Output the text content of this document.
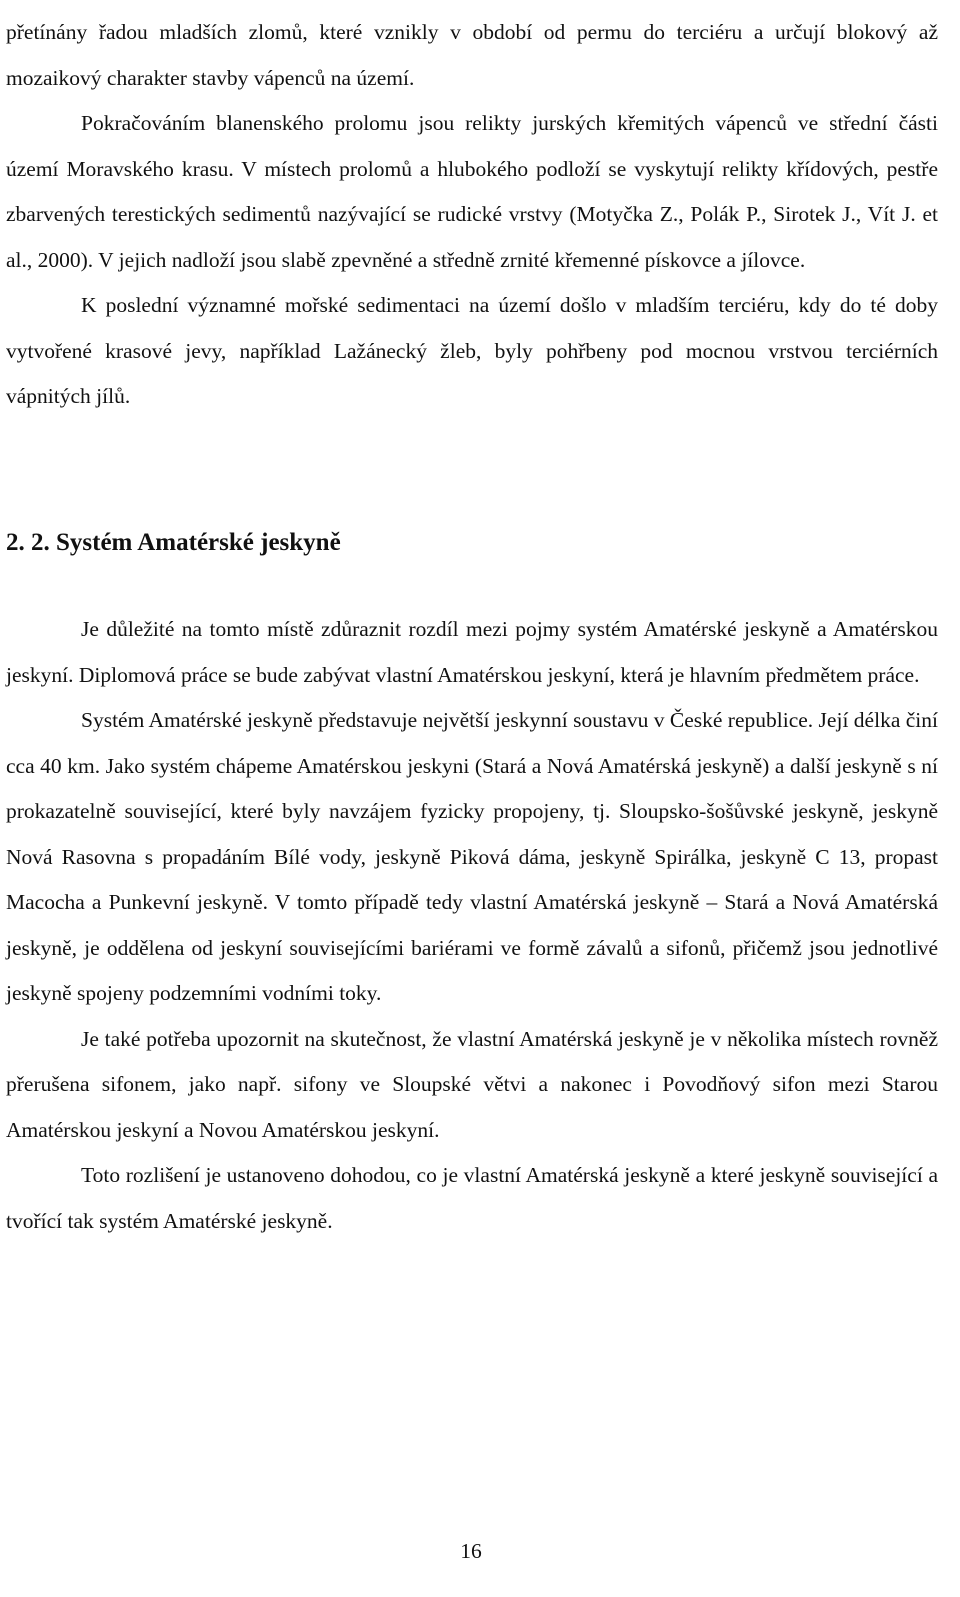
přetínány řadou mladších zlomů, které vznikly v období od permu do terciéru a určují blokový až mozaikový charakter stavby vápenců na území.

Pokračováním blanenského prolomu jsou relikty jurských křemitých vápenců ve střední části území Moravského krasu. V místech prolomů a hlubokého podloží se vyskytují relikty křídových, pestře zbarvených terestických sedimentů nazývající se rudické vrstvy (Motyčka Z., Polák P., Sirotek J., Vít J. et al., 2000). V jejich nadloží jsou slabě zpevněné a středně zrnité křemenné pískovce a jílovce.

K poslední významné mořské sedimentaci na území došlo v mladším terciéru, kdy do té doby vytvořené krasové jevy, například Lažánecký žleb, byly pohřbeny pod mocnou vrstvou terciérních vápnitých jílů.

2. 2. Systém Amatérské jeskyně

Je důležité na tomto místě zdůraznit rozdíl mezi pojmy systém Amatérské jeskyně a Amatérskou jeskyní. Diplomová práce se bude zabývat vlastní Amatérskou jeskyní, která je hlavním předmětem práce.

Systém Amatérské jeskyně představuje největší jeskynní soustavu v České republice. Její délka činí cca 40 km. Jako systém chápeme Amatérskou jeskyni (Stará a Nová Amatérská jeskyně) a další jeskyně s ní prokazatelně související, které byly navzájem fyzicky propojeny, tj. Sloupsko-šošůvské jeskyně, jeskyně Nová Rasovna s propadáním Bílé vody, jeskyně Piková dáma, jeskyně Spirálka, jeskyně C 13, propast Macocha a Punkevní jeskyně. V tomto případě tedy vlastní Amatérská jeskyně – Stará a Nová Amatérská jeskyně, je oddělena od jeskyní souvisejícími bariérami ve formě závalů a sifonů, přičemž jsou jednotlivé jeskyně spojeny podzemními vodními toky.

Je také potřeba upozornit na skutečnost, že vlastní Amatérská jeskyně je v několika místech rovněž přerušena sifonem, jako např. sifony ve Sloupské větvi a nakonec i Povodňový sifon mezi Starou Amatérskou jeskyní a Novou Amatérskou jeskyní.

Toto rozlišení je ustanoveno dohodou, co je vlastní Amatérská jeskyně a které jeskyně související a tvořící tak systém Amatérské jeskyně.

16
